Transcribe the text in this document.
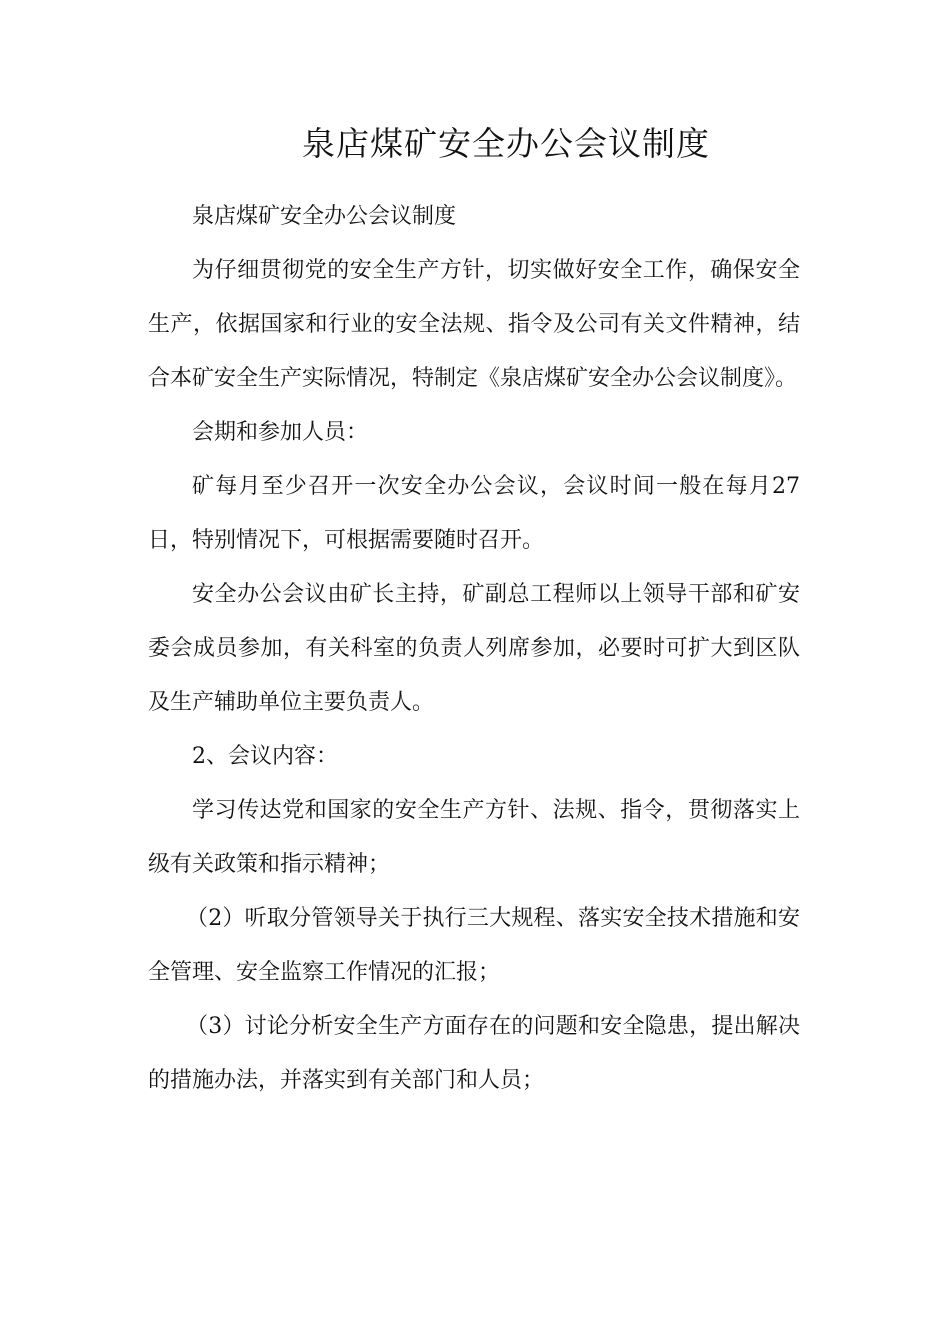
泉店煤矿安全办公会议制度

泉店煤矿安全办公会议制度

为仔细贯彻党的安全生产方针，切实做好安全工作，确保安全生产，依据国家和行业的安全法规、指令及公司有关文件精神，结合本矿安全生产实际情况，特制定《泉店煤矿安全办公会议制度》。

会期和参加人员：

矿每月至少召开一次安全办公会议，会议时间一般在每月27日，特别情况下，可根据需要随时召开。

安全办公会议由矿长主持，矿副总工程师以上领导干部和矿安委会成员参加，有关科室的负责人列席参加，必要时可扩大到区队及生产辅助单位主要负责人。

2、会议内容：

学习传达党和国家的安全生产方针、法规、指令，贯彻落实上级有关政策和指示精神；

（2）听取分管领导关于执行三大规程、落实安全技术措施和安全管理、安全监察工作情况的汇报；

（3）讨论分析安全生产方面存在的问题和安全隐患，提出解决的措施办法，并落实到有关部门和人员；
